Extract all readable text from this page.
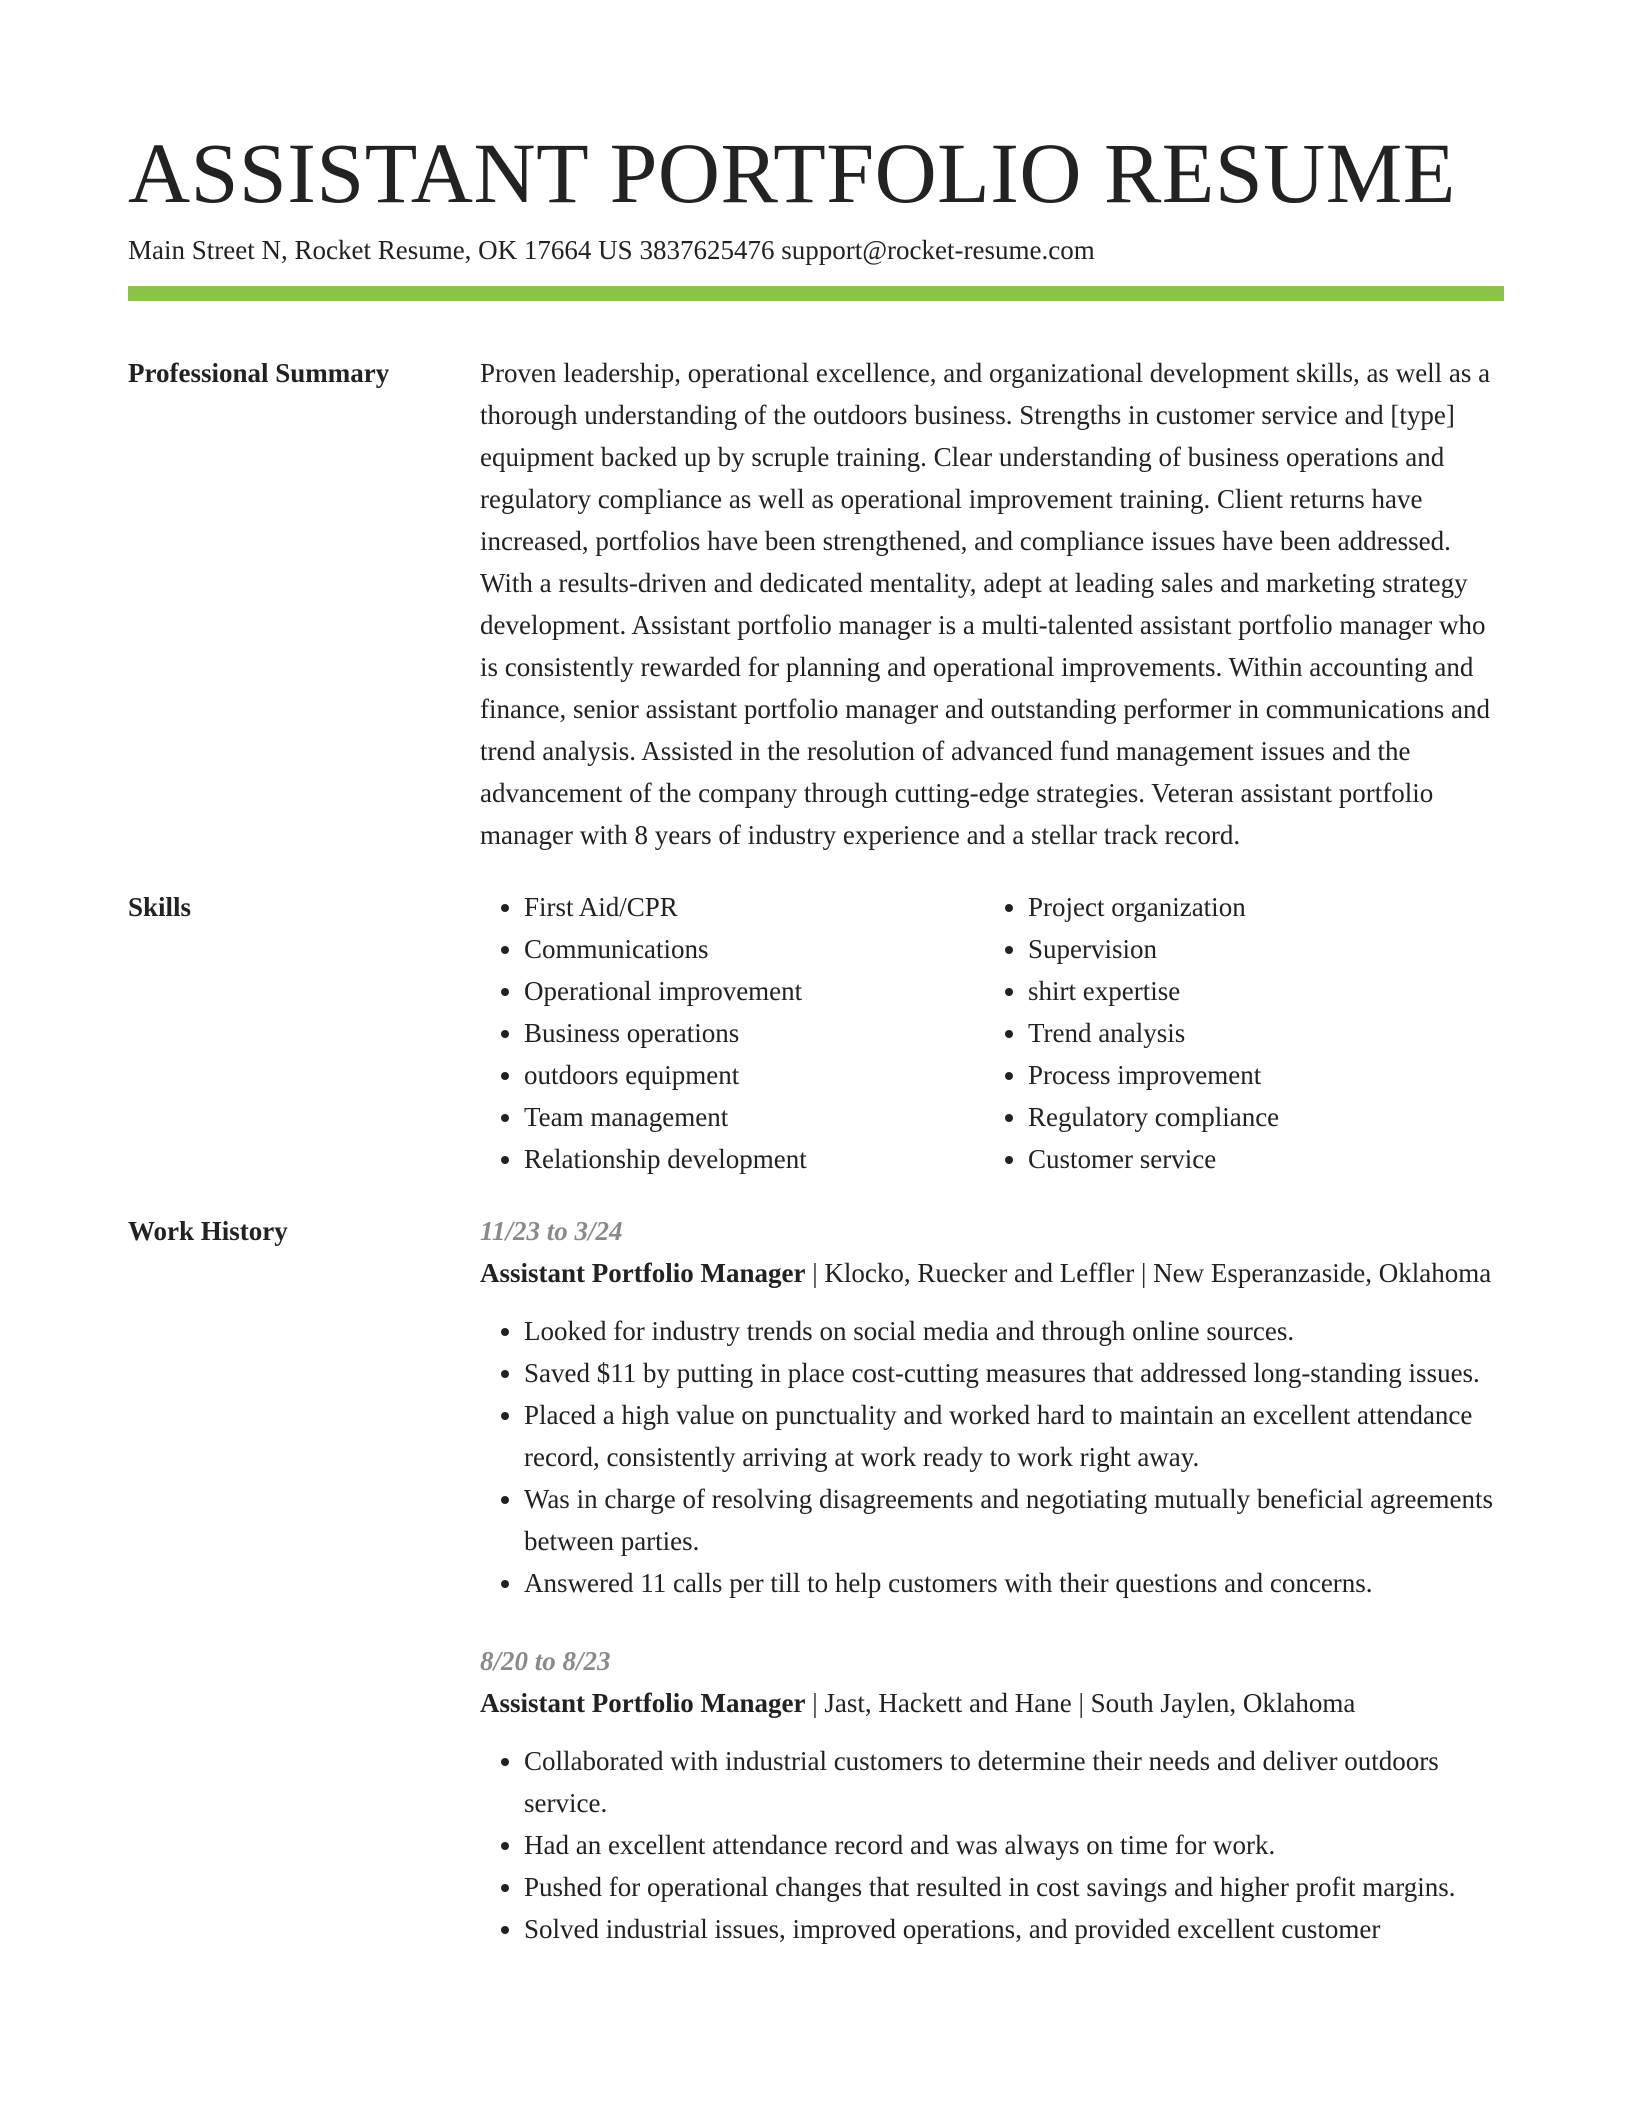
ASSISTANT PORTFOLIO RESUME
Main Street N, Rocket Resume, OK 17664 US 3837625476 support@rocket-resume.com
Professional Summary	Proven leadership, operational excellence, and organizational development skills, as well as a thorough understanding of the outdoors business. Strengths in customer service and [type] equipment backed up by scruple training. Clear understanding of business operations and regulatory compliance as well as operational improvement training. Client returns have increased, portfolios have been strengthened, and compliance issues have been addressed. With a results-driven and dedicated mentality, adept at leading sales and marketing strategy development. Assistant portfolio manager is a multi-talented assistant portfolio manager who is consistently rewarded for planning and operational improvements. Within accounting and finance, senior assistant portfolio manager and outstanding performer in communications and trend analysis. Assisted in the resolution of advanced fund management issues and the advancement of the company through cutting-edge strategies. Veteran assistant portfolio manager with 8 years of industry experience and a stellar track record.

Skills
•	First Aid/CPR
• Communications
• Operational improvement
• Business operations
• outdoors equipment
• Team management
• Relationship development
• Project organization
• Supervision
• shirt expertise
• Trend analysis
• Process improvement
• Regulatory compliance
• Customer service
Work History	11/23 to 3/24
Assistant Portfolio Manager | Klocko, Ruecker and Leffler | New Esperanzaside, Oklahoma
• Looked for industry trends on social media and through online sources.
• Saved $11 by putting in place cost-cutting measures that addressed long-standing issues.
• Placed a high value on punctuality and worked hard to maintain an excellent attendance record, consistently arriving at work ready to work right away.
• Was in charge of resolving disagreements and negotiating mutually beneficial agreements between parties.
• Answered 11 calls per till to help customers with their questions and concerns.
8/20 to 8/23
Assistant Portfolio Manager | Jast, Hackett and Hane | South Jaylen, Oklahoma
• Collaborated with industrial customers to determine their needs and deliver outdoors service.
• Had an excellent attendance record and was always on time for work.
• Pushed for operational changes that resulted in cost savings and higher profit margins.
• Solved industrial issues, improved operations, and provided excellent customer
